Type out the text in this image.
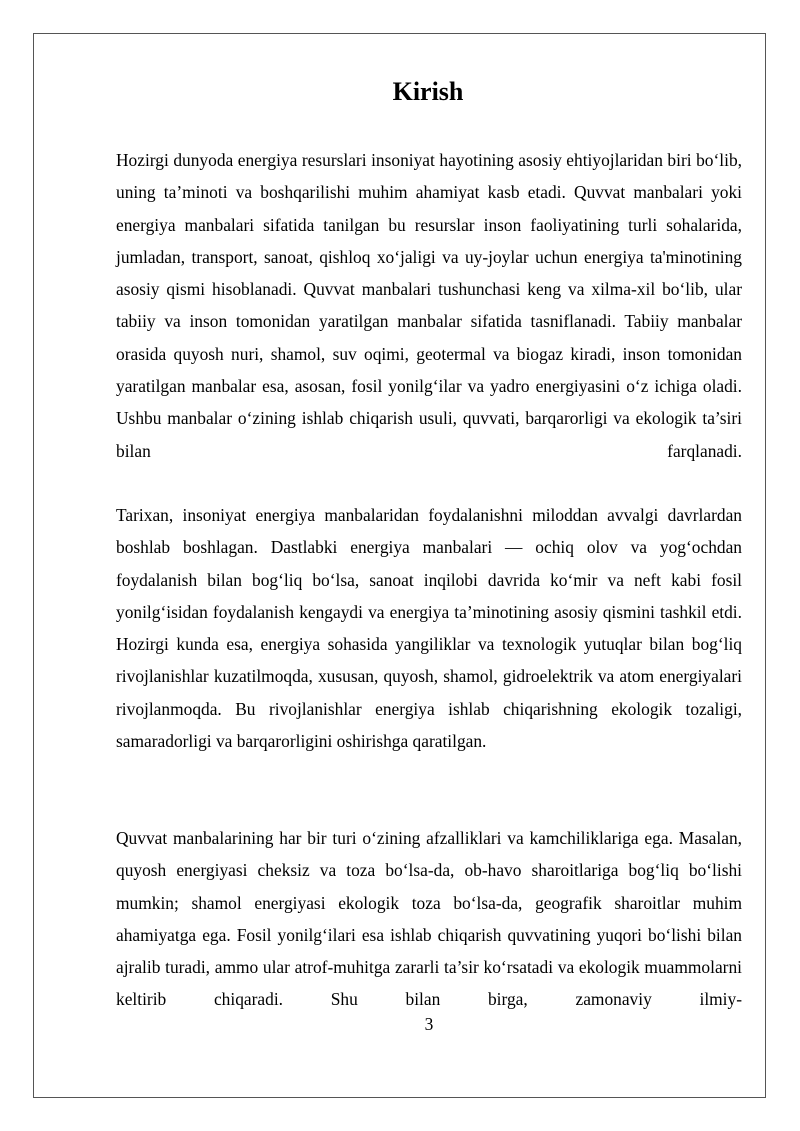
Kirish

Hozirgi dunyoda energiya resurslari insoniyat hayotining asosiy ehtiyojlaridan biri bo‘lib, uning ta’minoti va boshqarilishi muhim ahamiyat kasb etadi. Quvvat manbalari yoki energiya manbalari sifatida tanilgan bu resurslar inson faoliyatining turli sohalarida, jumladan, transport, sanoat, qishloq xo‘jaligi va uy-joylar uchun energiya ta'minotining asosiy qismi hisoblanadi. Quvvat manbalari tushunchasi keng va xilma-xil bo‘lib, ular tabiiy va inson tomonidan yaratilgan manbalar sifatida tasniflanadi. Tabiiy manbalar orasida quyosh nuri, shamol, suv oqimi, geotermal va biogaz kiradi, inson tomonidan yaratilgan manbalar esa, asosan, fosil yonilg‘ilar va yadro energiyasini o‘z ichiga oladi. Ushbu manbalar o‘zining ishlab chiqarish usuli, quvvati, barqarorligi va ekologik ta’siri bilan farqlanadi.

Tarixan, insoniyat energiya manbalaridan foydalanishni miloddan avvalgi davrlardan boshlab boshlagan. Dastlabki energiya manbalari — ochiq olov va yog‘ochdan foydalanish bilan bog‘liq bo‘lsa, sanoat inqilobi davrida ko‘mir va neft kabi fosil yonilg‘isidan foydalanish kengaydi va energiya ta’minotining asosiy qismini tashkil etdi. Hozirgi kunda esa, energiya sohasida yangiliklar va texnologik yutuqlar bilan bog‘liq rivojlanishlar kuzatilmoqda, xususan, quyosh, shamol, gidroelektrik va atom energiyalari rivojlanmoqda. Bu rivojlanishlar energiya ishlab chiqarishning ekologik tozaligi, samaradorligi va barqarorligini oshirishga qaratilgan.

Quvvat manbalarining har bir turi o‘zining afzalliklari va kamchiliklariga ega. Masalan, quyosh energiyasi cheksiz va toza bo‘lsa-da, ob-havo sharoitlariga bog‘liq bo‘lishi mumkin; shamol energiyasi ekologik toza bo‘lsa-da, geografik sharoitlar muhim ahamiyatga ega. Fosil yonilg‘ilari esa ishlab chiqarish quvvatining yuqori bo‘lishi bilan ajralib turadi, ammo ular atrof-muhitga zararli ta’sir ko‘rsatadi va ekologik muammolarni keltirib chiqaradi. Shu bilan birga, zamonaviy ilmiy-

3
